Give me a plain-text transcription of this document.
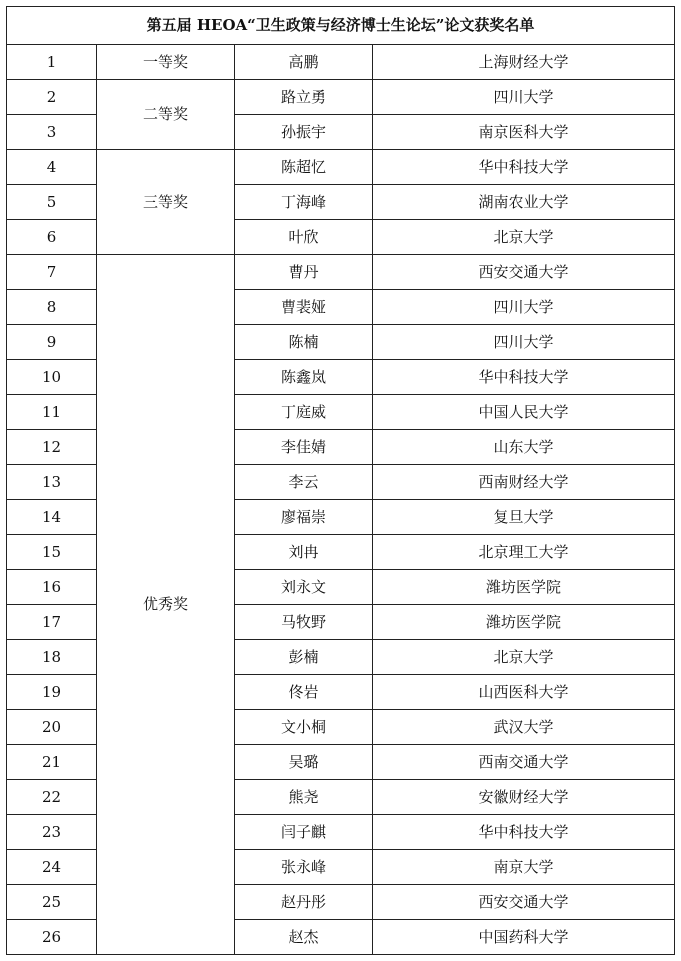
第五届 HEOA“卫生政策与经济博士生论坛”论文获奖名单			
1	一等奖	高鹏	上海财经大学
2	二等奖	路立勇	四川大学
3		孙振宇	南京医科大学
4	三等奖	陈超忆	华中科技大学
5		丁海峰	湖南农业大学
6		叶欣	北京大学
7	优秀奖	曹丹	西安交通大学
8		曹裴娅	四川大学
9		陈楠	四川大学
10		陈鑫岚	华中科技大学
11		丁庭威	中国人民大学
12		李佳婧	山东大学
13		李云	西南财经大学
14		廖福崇	复旦大学
15		刘冉	北京理工大学
16		刘永文	潍坊医学院
17		马牧野	潍坊医学院
18		彭楠	北京大学
19		佟岩	山西医科大学
20		文小桐	武汉大学
21		吴璐	西南交通大学
22		熊尧	安徽财经大学
23		闫子麒	华中科技大学
24		张永峰	南京大学
25		赵丹彤	西安交通大学
26		赵杰	中国药科大学
